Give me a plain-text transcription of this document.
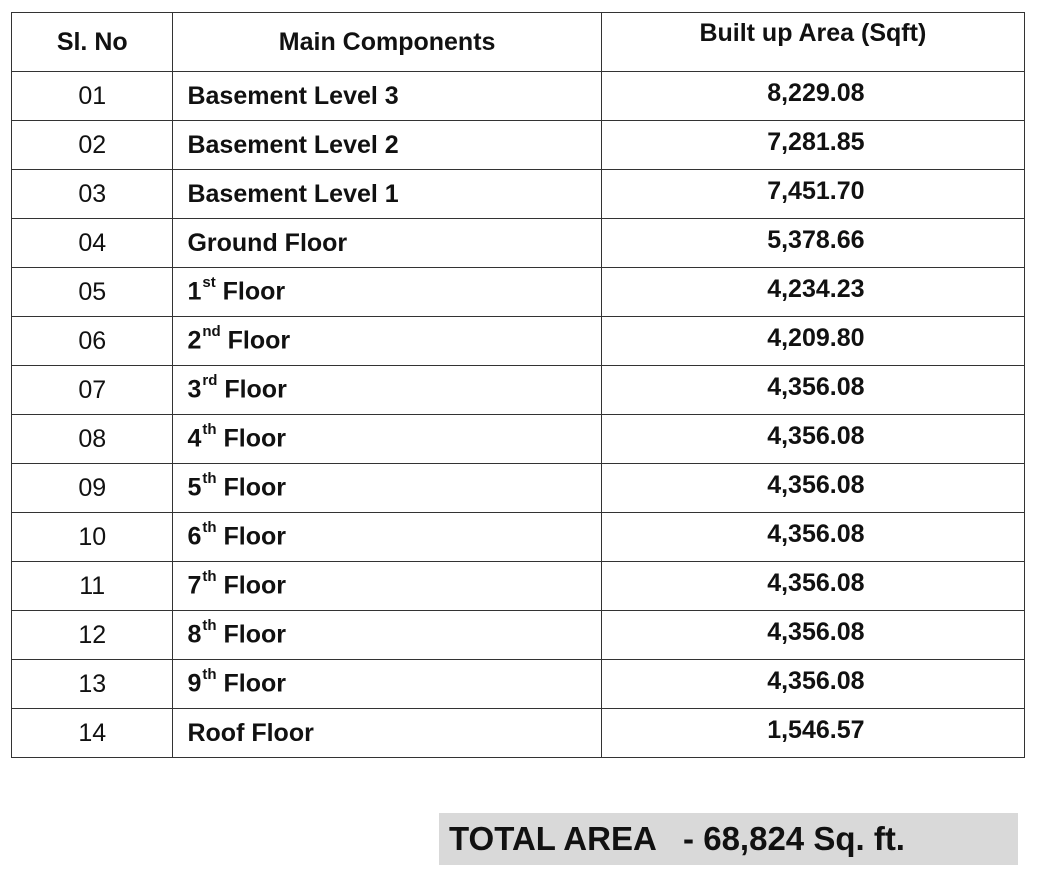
Sl. No	Main Components	Built up Area (Sqft)
01	Basement Level 3	8,229.08
02	Basement Level 2	7,281.85
03	Basement Level 1	7,451.70
04	Ground Floor	5,378.66
05	1st Floor	4,234.23
06	2nd Floor	4,209.80
07	3rd Floor	4,356.08
08	4th Floor	4,356.08
09	5th Floor	4,356.08
10	6th Floor	4,356.08
11	7th Floor	4,356.08
12	8th Floor	4,356.08
13	9th Floor	4,356.08
14	Roof Floor	1,546.57
TOTAL AREA   - 68,824 Sq. ft.
